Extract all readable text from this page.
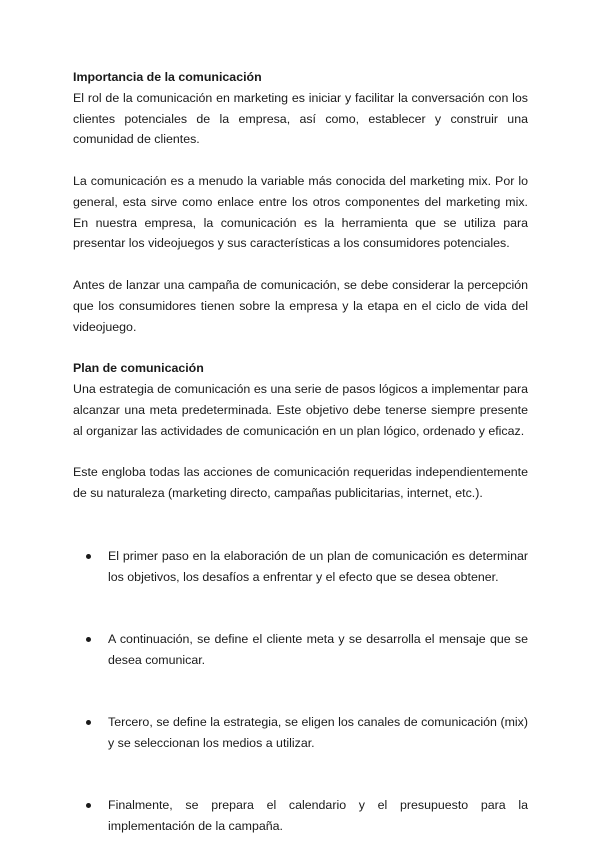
Importancia de la comunicación

El rol de la comunicación en marketing es iniciar y facilitar la conversación con los clientes potenciales de la empresa, así como, establecer y construir una comunidad de clientes.

La comunicación es a menudo la variable más conocida del marketing mix. Por lo general, esta sirve como enlace entre los otros componentes del marketing mix. En nuestra empresa, la comunicación es la herramienta que se utiliza para presentar los videojuegos y sus características a los consumidores potenciales.

Antes de lanzar una campaña de comunicación, se debe considerar la percepción que los consumidores tienen sobre la empresa y la etapa en el ciclo de vida del videojuego.

Plan de comunicación

Una estrategia de comunicación es una serie de pasos lógicos a implementar para alcanzar una meta predeterminada. Este objetivo debe tenerse siempre presente al organizar las actividades de comunicación en un plan lógico, ordenado y eficaz.

Este engloba todas las acciones de comunicación requeridas independientemente de su naturaleza (marketing directo, campañas publicitarias, internet, etc.).

El primer paso en la elaboración de un plan de comunicación es determinar los objetivos, los desafíos a enfrentar y el efecto que se desea obtener.
A continuación, se define el cliente meta y se desarrolla el mensaje que se desea comunicar.
Tercero, se define la estrategia, se eligen los canales de comunicación (mix) y se seleccionan los medios a utilizar.
Finalmente, se prepara el calendario y el presupuesto para la implementación de la campaña.
